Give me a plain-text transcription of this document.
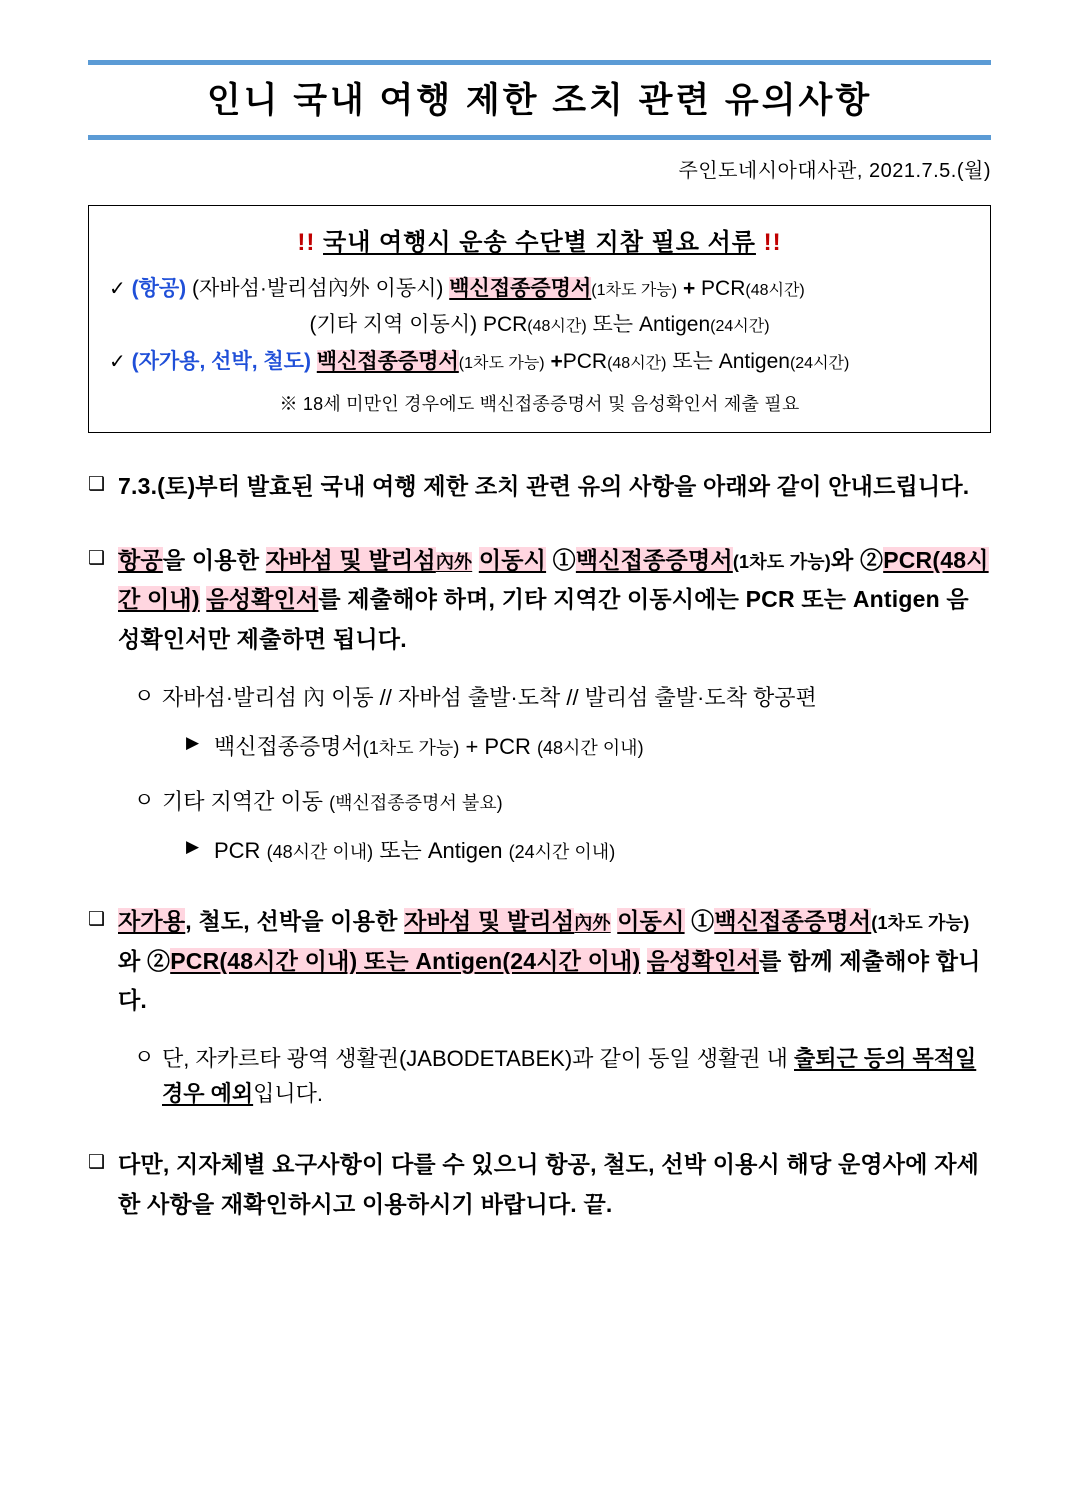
인니 국내 여행 제한 조치 관련 유의사항
주인도네시아대사관, 2021.7.5.(월)
!! 국내 여행시 운송 수단별 지참 필요 서류 !!
✓ (항공) (자바섬·발리섬內外 이동시) 백신접종증명서(1차도 가능) + PCR(48시간)
(기타 지역 이동시) PCR(48시간) 또는 Antigen(24시간)
✓ (자가용, 선박, 철도) 백신접종증명서(1차도 가능) +PCR(48시간) 또는 Antigen(24시간)
※ 18세 미만인 경우에도 백신접종증명서 및 음성확인서 제출 필요
❑ 7.3.(토)부터 발효된 국내 여행 제한 조치 관련 유의 사항을 아래와 같이 안내드립니다.
❑ 항공을 이용한 자바섬 및 발리섬內外 이동시 ①백신접종증명서(1차도 가능)와 ②PCR(48시간 이내) 음성확인서를 제출해야 하며, 기타 지역간 이동시에는 PCR 또는 Antigen 음성확인서만 제출하면 됩니다.
ㅇ 자바섬·발리섬 內 이동 // 자바섬 출발·도착 // 발리섬 출발·도착 항공편
▶ 백신접종증명서(1차도 가능) + PCR (48시간 이내)
ㅇ 기타 지역간 이동 (백신접종증명서 불요)
▶ PCR (48시간 이내) 또는 Antigen (24시간 이내)
❑ 자가용, 철도, 선박을 이용한 자바섬 및 발리섬內外 이동시 ①백신접종증명서(1차도 가능)와 ②PCR(48시간 이내) 또는 Antigen(24시간 이내) 음성확인서를 함께 제출해야 합니다.
ㅇ 단, 자카르타 광역 생활권(JABODETABEK)과 같이 동일 생활권 내 출퇴근 등의 목적일 경우 예외입니다.
❑ 다만, 지자체별 요구사항이 다를 수 있으니 항공, 철도, 선박 이용시 해당 운영사에 자세한 사항을 재확인하시고 이용하시기 바랍니다. 끝.
